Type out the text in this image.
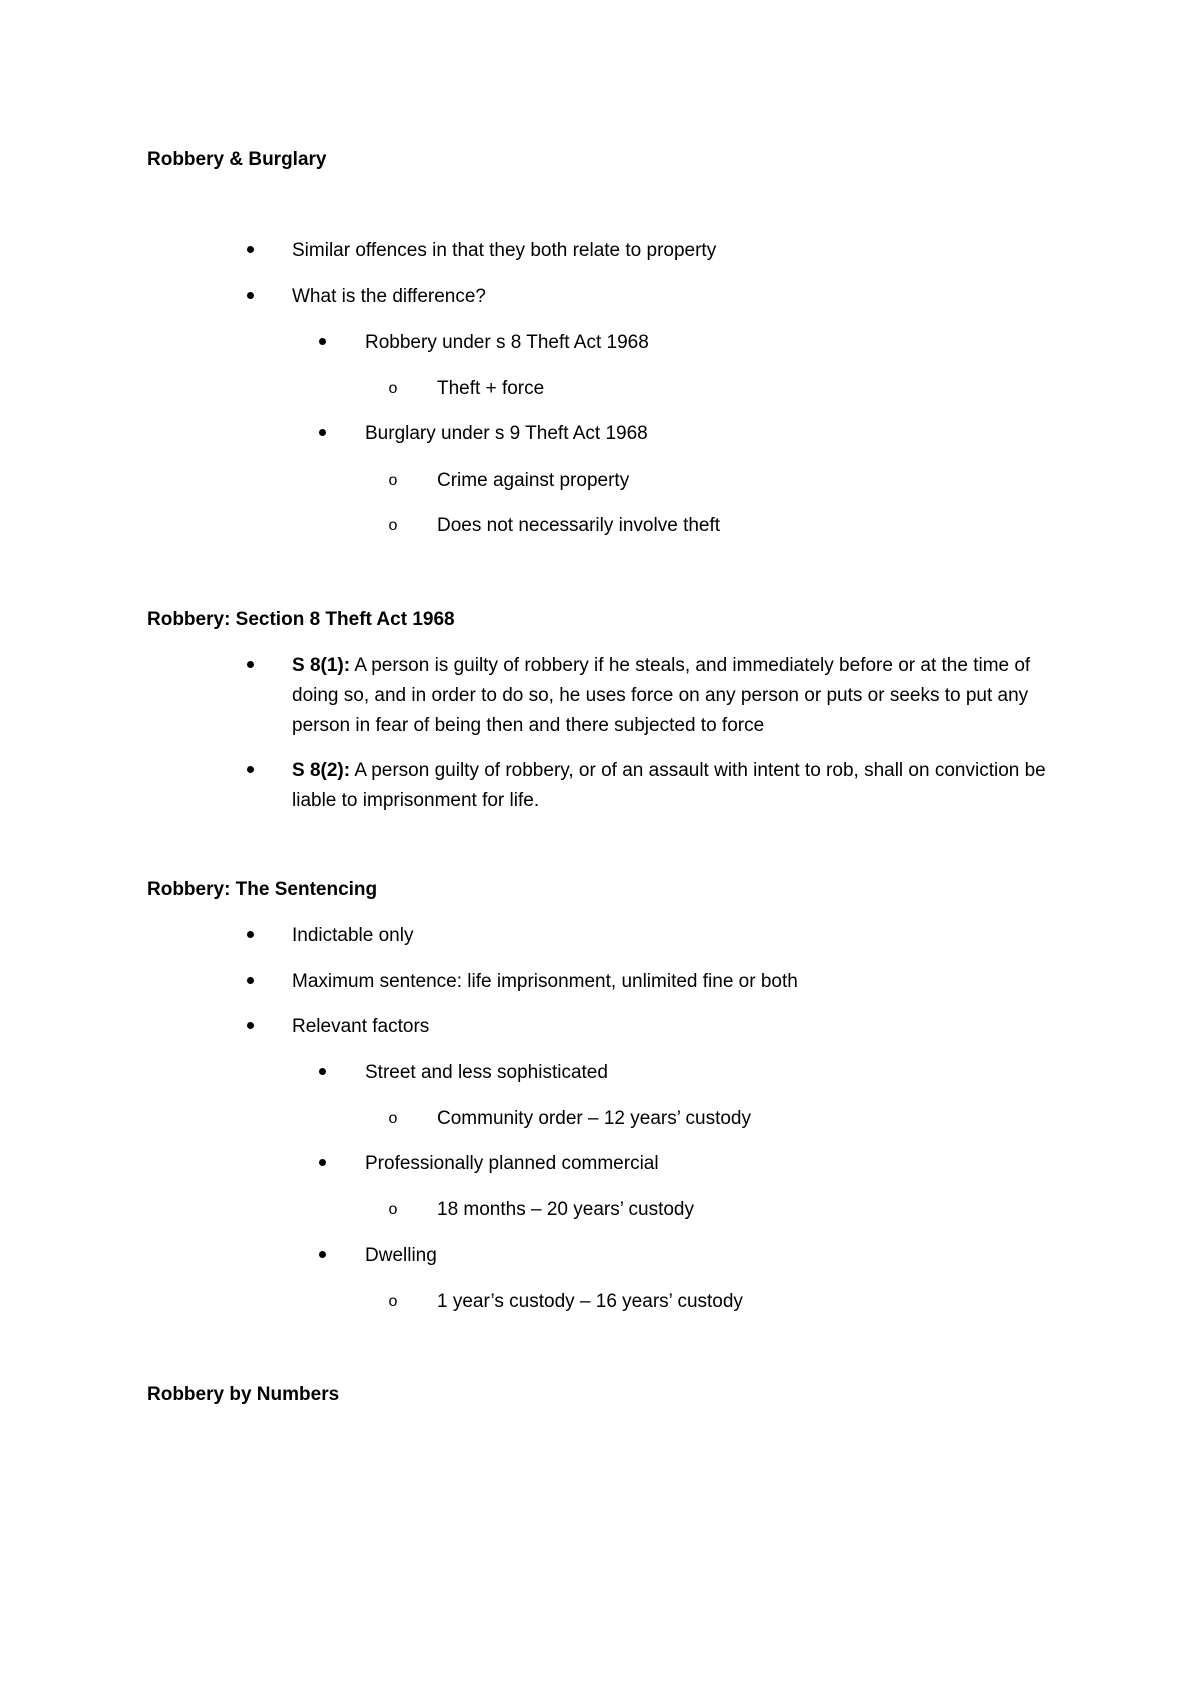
Robbery & Burglary
Similar offences in that they both relate to property
What is the difference?
Robbery under s 8 Theft Act 1968
o	Theft + force
Burglary under s 9 Theft Act 1968
o	Crime against property
o	Does not necessarily involve theft
Robbery: Section 8 Theft Act 1968
S 8(1): A person is guilty of robbery if he steals, and immediately before or at the time of doing so, and in order to do so, he uses force on any person or puts or seeks to put any person in fear of being then and there subjected to force
S 8(2): A person guilty of robbery, or of an assault with intent to rob, shall on conviction be liable to imprisonment for life.
Robbery: The Sentencing
Indictable only
Maximum sentence: life imprisonment, unlimited fine or both
Relevant factors
Street and less sophisticated
o	Community order – 12 years’ custody
Professionally planned commercial
o	18 months – 20 years’ custody
Dwelling
o	1 year’s custody – 16 years’ custody
Robbery by Numbers
